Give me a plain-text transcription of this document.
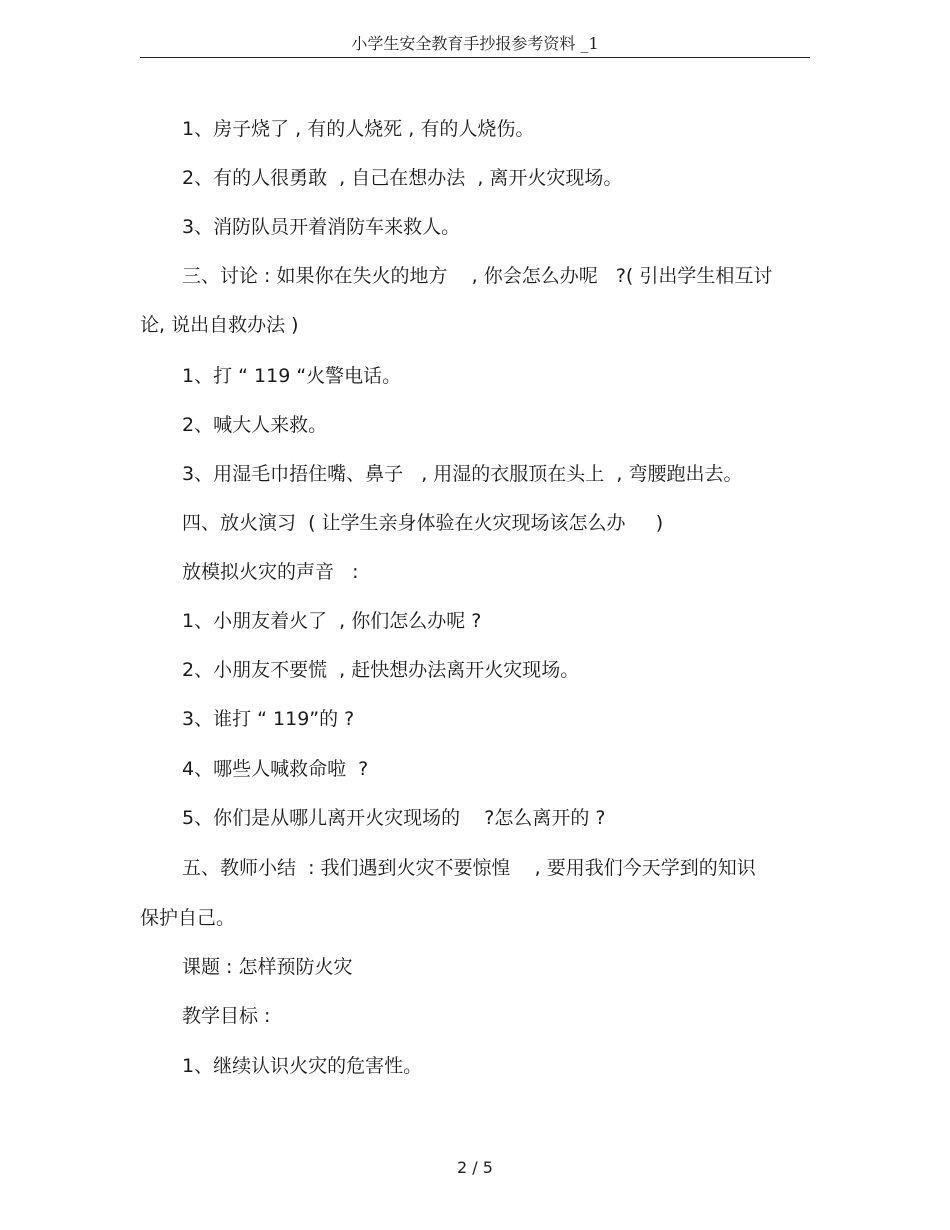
小学生安全教育手抄报参考资料 _1
1、房子烧了 , 有的人烧死 , 有的人烧伤。
2、有的人很勇敢  , 自己在想办法  , 离开火灾现场。
3、消防队员开着消防车来救人。
三、讨论 : 如果你在失火的地方    , 你会怎么办呢   ?( 引出学生相互讨
论, 说出自救办法 )
1、打 “ 119 “火警电话。
2、喊大人来救。
3、用湿毛巾捂住嘴、鼻子   , 用湿的衣服顶在头上  , 弯腰跑出去。
四、放火演习  ( 让学生亲身体验在火灾现场该怎么办     )
放模拟火灾的声音   :
1、小朋友着火了  , 你们怎么办呢 ?
2、小朋友不要慌  , 赶快想办法离开火灾现场。
3、谁打 “ 119”的 ?
4、哪些人喊救命啦  ?
5、你们是从哪儿离开火灾现场的    ?怎么离开的 ?
五、教师小结  : 我们遇到火灾不要惊惶    , 要用我们今天学到的知识
保护自己。
课题 : 怎样预防火灾
教学目标 :
1、继续认识火灾的危害性。
2 / 5
